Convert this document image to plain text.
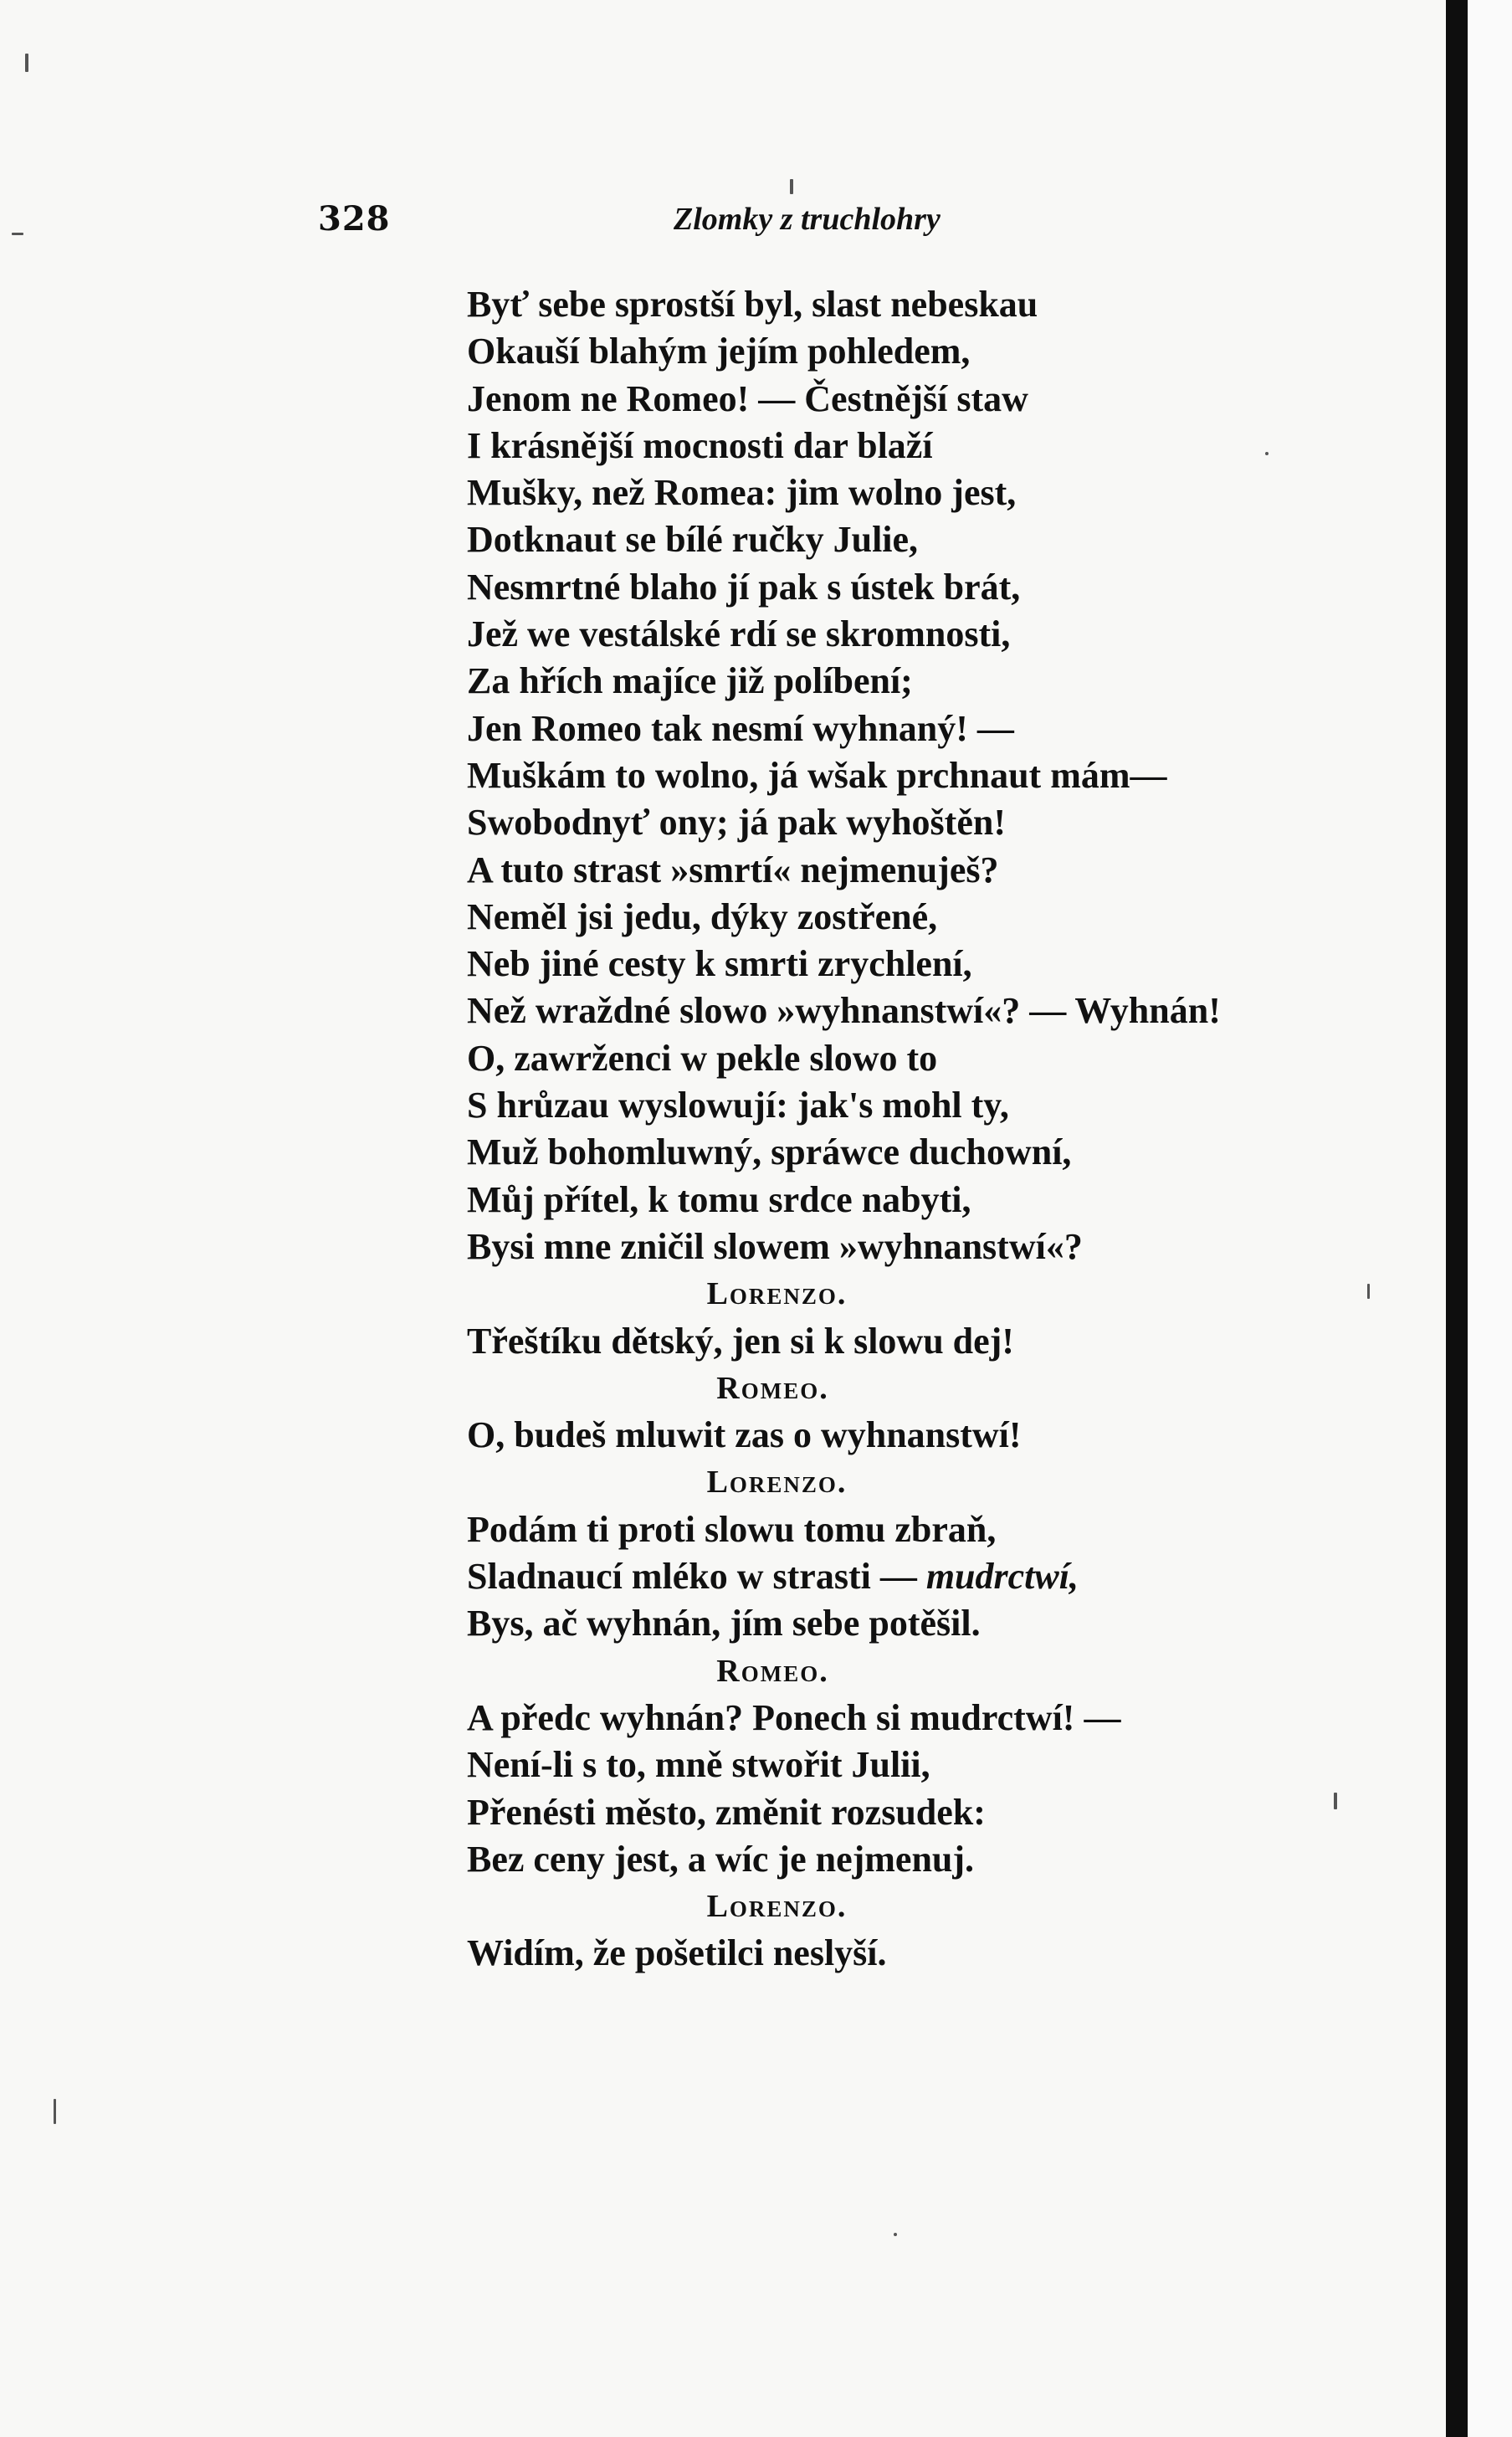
328	Zlomky z truchlohry
Byť sebe sprostší byl, slast nebeskau
Okauší blahým jejím pohledem,
Jenom ne Romeo! — Čestnější staw
I krásnější mocnosti dar blaží
Mušky, než Romea: jim wolno jest,
Dotknaut se bílé ručky Julie,
Nesmrtné blaho jí pak s ústek brát,
Jež we vestálské rdí se skromnosti,
Za hřích majíce již políbení;
Jen Romeo tak nesmí wyhnaný! —
Muškám to wolno, já wšak prchnaut mám—
Swobodnyť ony; já pak wyhoštěn!
A tuto strast »smrtí« nejmenuješ?
Neměl jsi jedu, dýky zostřené,
Neb jiné cesty k smrti zrychlení,
Než wraždné slowo »wyhnanstwí«? — Wyhnán!
O, zawrženci w pekle slowo to
S hrůzau wyslowují: jak's mohl ty,
Muž bohomluwný, spráwce duchowní,
Můj přítel, k tomu srdce nabyti,
Bysi mne zničil slowem »wyhnanstwí«?
Lorenzo.
Třeštíku dětský, jen si k slowu dej!
Romeo.
O, budeš mluwit zas o wyhnanstwí!
Lorenzo.
Podám ti proti slowu tomu zbraň,
Sladnaucí mléko w strasti — mudrctwí,
Bys, ač wyhnán, jím sebe potěšil.
Romeo.
A předc wyhnán? Ponech si mudrctwí! —
Není-li s to, mně stwořit Julii,
Přenésti město, změnit rozsudek:
Bez ceny jest, a wíc je nejmenuj.
Lorenzo.
Widím, že pošetilci neslyší.
